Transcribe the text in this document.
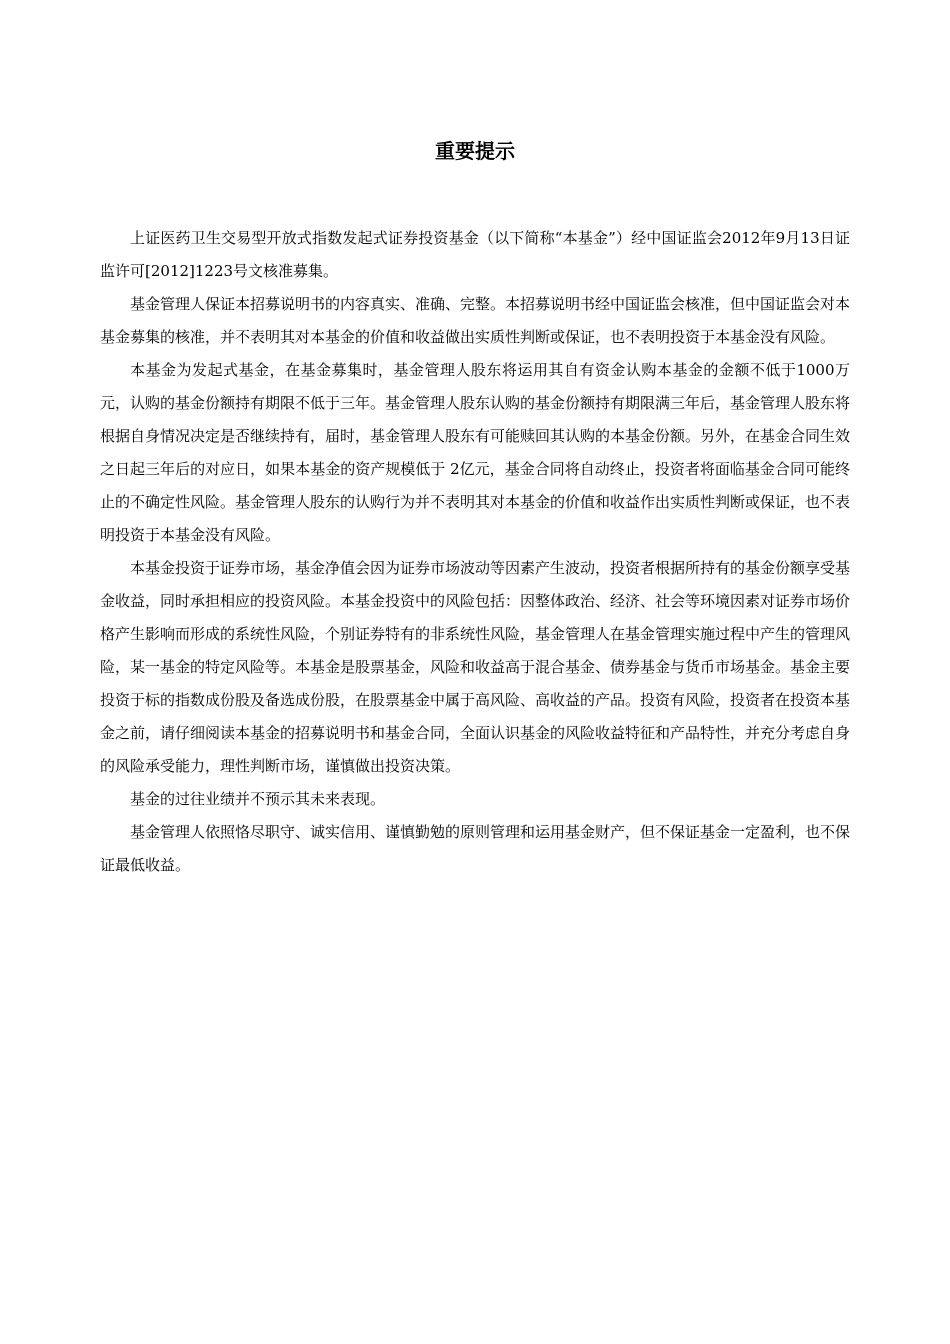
重要提示

上证医药卫生交易型开放式指数发起式证券投资基金（以下简称“本基金”）经中国证监会2012年9月13日证监许可[2012]1223号文核准募集。

基金管理人保证本招募说明书的内容真实、准确、完整。本招募说明书经中国证监会核准，但中国证监会对本基金募集的核准，并不表明其对本基金的价值和收益做出实质性判断或保证，也不表明投资于本基金没有风险。

本基金为发起式基金，在基金募集时，基金管理人股东将运用其自有资金认购本基金的金额不低于1000万元，认购的基金份额持有期限不低于三年。基金管理人股东认购的基金份额持有期限满三年后，基金管理人股东将根据自身情况决定是否继续持有，届时，基金管理人股东有可能赎回其认购的本基金份额。另外，在基金合同生效之日起三年后的对应日，如果本基金的资产规模低于 2亿元，基金合同将自动终止，投资者将面临基金合同可能终止的不确定性风险。基金管理人股东的认购行为并不表明其对本基金的价值和收益作出实质性判断或保证，也不表明投资于本基金没有风险。

本基金投资于证券市场，基金净值会因为证券市场波动等因素产生波动，投资者根据所持有的基金份额享受基金收益，同时承担相应的投资风险。本基金投资中的风险包括：因整体政治、经济、社会等环境因素对证券市场价格产生影响而形成的系统性风险，个别证券特有的非系统性风险，基金管理人在基金管理实施过程中产生的管理风险，某一基金的特定风险等。本基金是股票基金，风险和收益高于混合基金、债券基金与货币市场基金。基金主要投资于标的指数成份股及备选成份股，在股票基金中属于高风险、高收益的产品。投资有风险，投资者在投资本基金之前，请仔细阅读本基金的招募说明书和基金合同，全面认识基金的风险收益特征和产品特性，并充分考虑自身的风险承受能力，理性判断市场，谨慎做出投资决策。

基金的过往业绩并不预示其未来表现。

基金管理人依照恪尽职守、诚实信用、谨慎勤勉的原则管理和运用基金财产，但不保证基金一定盈利，也不保证最低收益。
